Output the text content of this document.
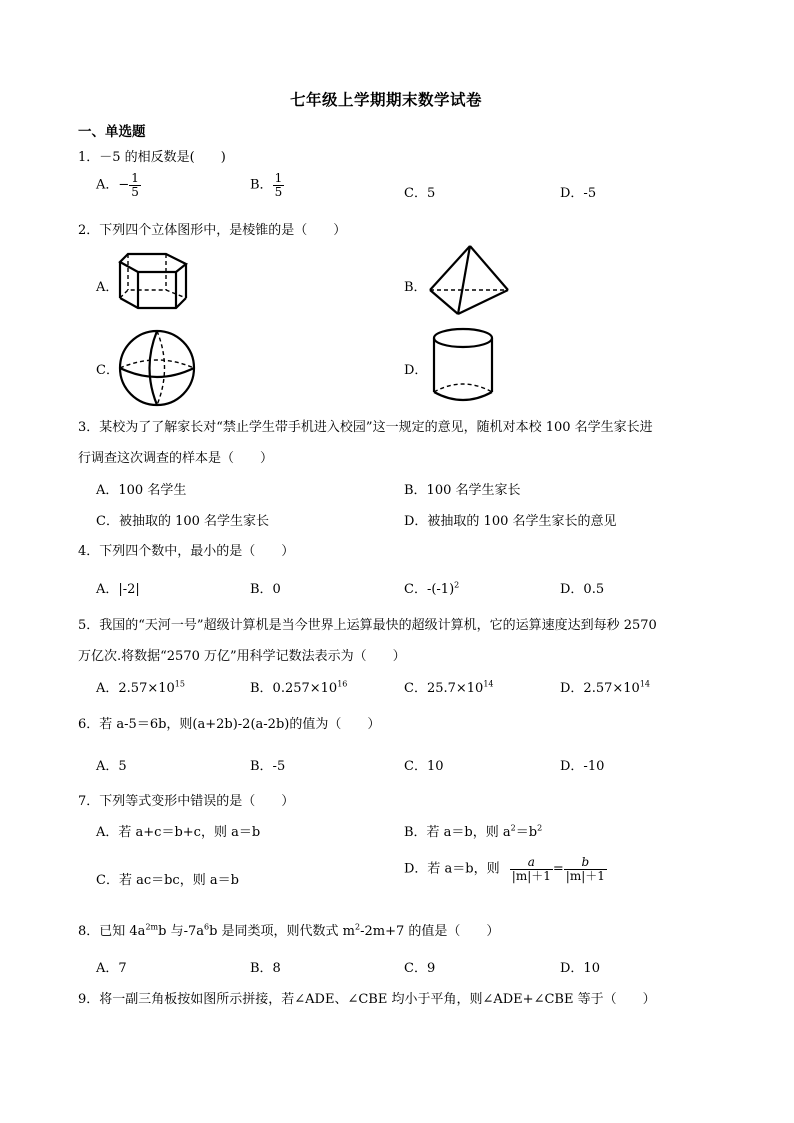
七年级上学期期末数学试卷
一、单选题
1．－5 的相反数是(　　)
A．− $\frac{1}{5}$	B． $\frac{1}{5}$	C．5	D．-5
2．下列四个立体图形中，是棱锥的是（　　）
A．	B．
C．	D．
3．某校为了了解家长对“禁止学生带手机进入校园”这一规定的意见，随机对本校 100 名学生家长进
行调查这次调查的样本是（　　）
A．100 名学生	B．100 名学生家长
C．被抽取的 100 名学生家长	D．被抽取的 100 名学生家长的意见
4．下列四个数中，最小的是（　　）
A．|-2|	B．0	C．$-(-1)^2$	D．0.5
5．我国的“天河一号”超级计算机是当今世界上运算最快的超级计算机，它的运算速度达到每秒 2570
万亿次.将数据“2570 万亿”用科学记数法表示为（　　）
A．$2.57\times 10^{15}$	B．$0.257\times 10^{16}$	C．$25.7\times 10^{14}$	D．$2.57\times 10^{14}$
6．若 a-5＝6b，则(a+2b)-2(a-2b)的值为（　　）
A．5	B．-5	C．10	D．-10
7．下列等式变形中错误的是（　　）
A．若 a+c＝b+c，则 a＝b	B．若 a＝b，则 $a^2=b^2$
C．若 ac＝bc，则 a＝b
D．若 a＝b，则 $\frac{a}{|m|+1} = \frac{b}{|m|+1}$
8．已知 $4a^{2m}b$ 与$-7a^6b$ 是同类项，则代数式 $m^2-2m+7$ 的值是（　　）
A．7	B．8	C．9	D．10
9．将一副三角板按如图所示拼接，若∠ADE、∠CBE 均小于平角，则∠ADE+∠CBE 等于（　　）
